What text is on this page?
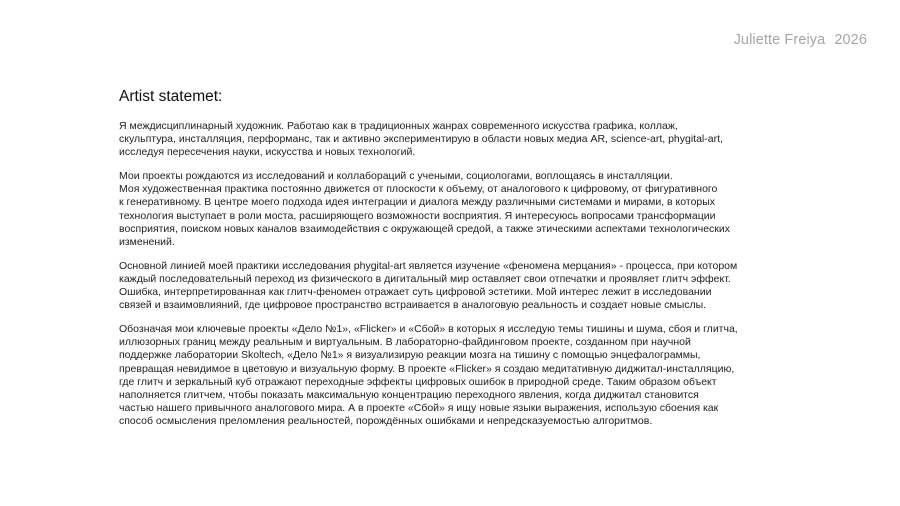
Juliette Freiya 2026
Artist statemet:
Я междисциплинарный художник. Работаю как в традиционных жанрах современного искусства графика, коллаж,
скульптура, инсталляция, перформанс, так и активно экспериментирую в области новых медиа AR, science-art, phygital-art,
исследуя пересечения науки, искусства и новых технологий.
Мои проекты рождаются из исследований и коллабораций с учеными, социологами, воплощаясь в инсталляции.
Моя художественная практика постоянно движется от плоскости к объему, от аналогового к цифровому, от фигуративного
к генеративному. В центре моего подхода идея интеграции и диалога между различными системами и мирами, в которых
технология выступает в роли моста, расширяющего возможности восприятия. Я интересуюсь вопросами трансформации
восприятия, поиском новых каналов взаимодействия с окружающей средой, а также этическими аспектами технологических
изменений.
Основной линией моей практики исследования phygital-art является изучение «феномена мерцания» - процесса, при котором
каждый последовательный переход из физического в дигитальный мир оставляет свои отпечатки и проявляет глитч эффект.
Ошибка, интерпретированная как глитч-феномен отражает суть цифровой эстетики. Мой интерес лежит в исследовании
связей и взаимовлияний, где цифровое пространство встраивается в аналоговую реальность и создает новые смыслы.
Обозначая мои ключевые проекты «Дело №1», «Flicker» и «Сбой» в которых я исследую темы тишины и шума, сбоя и глитча,
иллюзорных границ между реальным и виртуальным. В лабораторно-файдинговом проекте, созданном при научной
поддержке лаборатории Skoltech, «Дело №1» я визуализирую реакции мозга на тишину с помощью энцефалограммы,
превращая невидимое в цветовую и визуальную форму. В проекте «Flicker» я создаю медитативную диджитал-инсталляцию,
где глитч и зеркальный куб отражают переходные эффекты цифровых ошибок в природной среде. Таким образом объект
наполняется глитчем, чтобы показать максимальную концентрацию переходного явления, когда диджитал становится
частью нашего привычного аналогового мира. А в проекте «Сбой» я ищу новые языки выражения, использую сбоения как
способ осмысления преломления реальностей, порождённых ошибками и непредсказуемостью алгоритмов.
